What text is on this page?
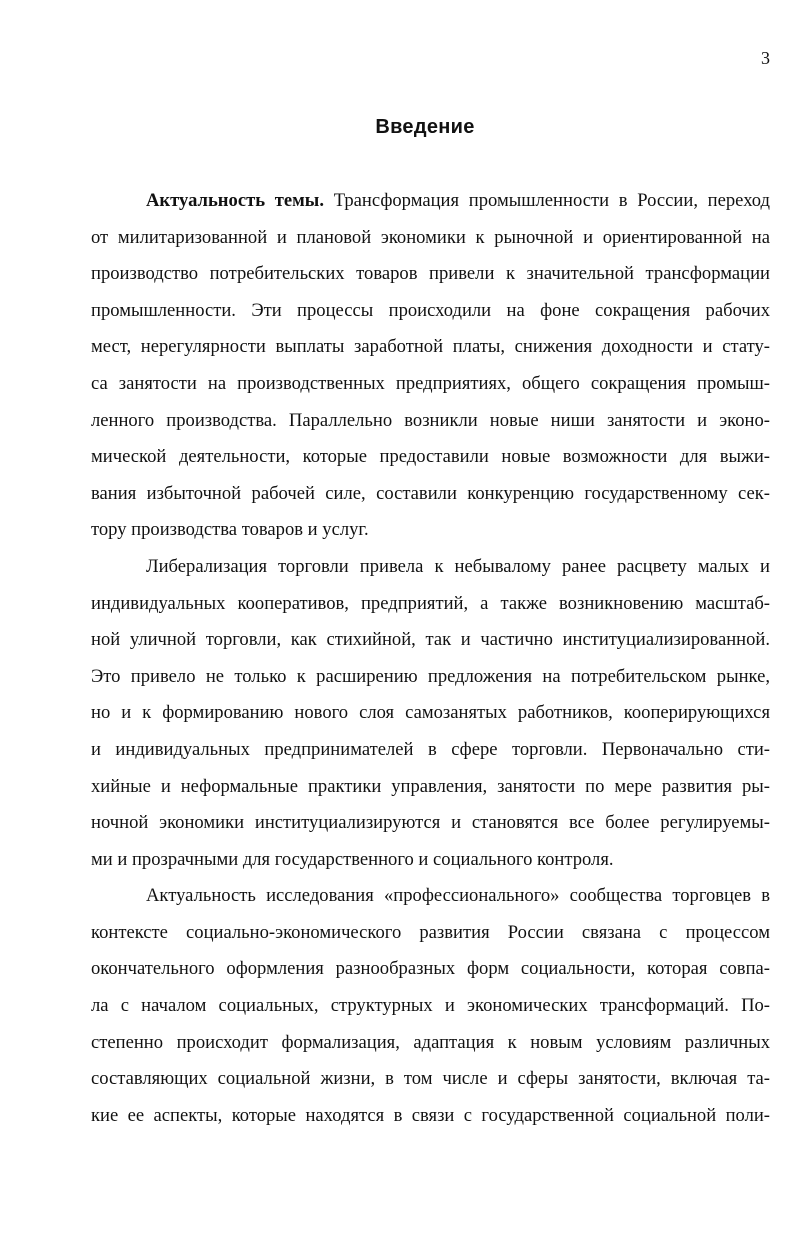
3
Введение
Актуальность темы. Трансформация промышленности в России, переход
от милитаризованной и плановой экономики к рыночной и ориентированной на
производство потребительских товаров привели к значительной трансформации
промышленности. Эти процессы происходили на фоне сокращения рабочих
мест, нерегулярности выплаты заработной платы, снижения доходности и стату-
са занятости на производственных предприятиях, общего сокращения промыш-
ленного производства. Параллельно возникли новые ниши занятости и эконо-
мической деятельности, которые предоставили новые возможности для выжи-
вания избыточной рабочей силе, составили конкуренцию государственному сек-
тору производства товаров и услуг.
Либерализация торговли привела к небывалому ранее расцвету малых и
индивидуальных кооперативов, предприятий, а также возникновению масштаб-
ной уличной торговли, как стихийной, так и частично институциализированной.
Это привело не только к расширению предложения на потребительском рынке,
но и к формированию нового слоя самозанятых работников, кооперирующихся
и индивидуальных предпринимателей в сфере торговли. Первоначально сти-
хийные и неформальные практики управления, занятости по мере развития ры-
ночной экономики институциализируются и становятся все более регулируемы-
ми и прозрачными для государственного и социального контроля.
Актуальность исследования «профессионального» сообщества торговцев в
контексте социально-экономического развития России связана с процессом
окончательного оформления разнообразных форм социальности, которая совпа-
ла с началом социальных, структурных и экономических трансформаций. По-
степенно происходит формализация, адаптация к новым условиям различных
составляющих социальной жизни, в том числе и сферы занятости, включая та-
кие ее аспекты, которые находятся в связи с государственной социальной поли-
